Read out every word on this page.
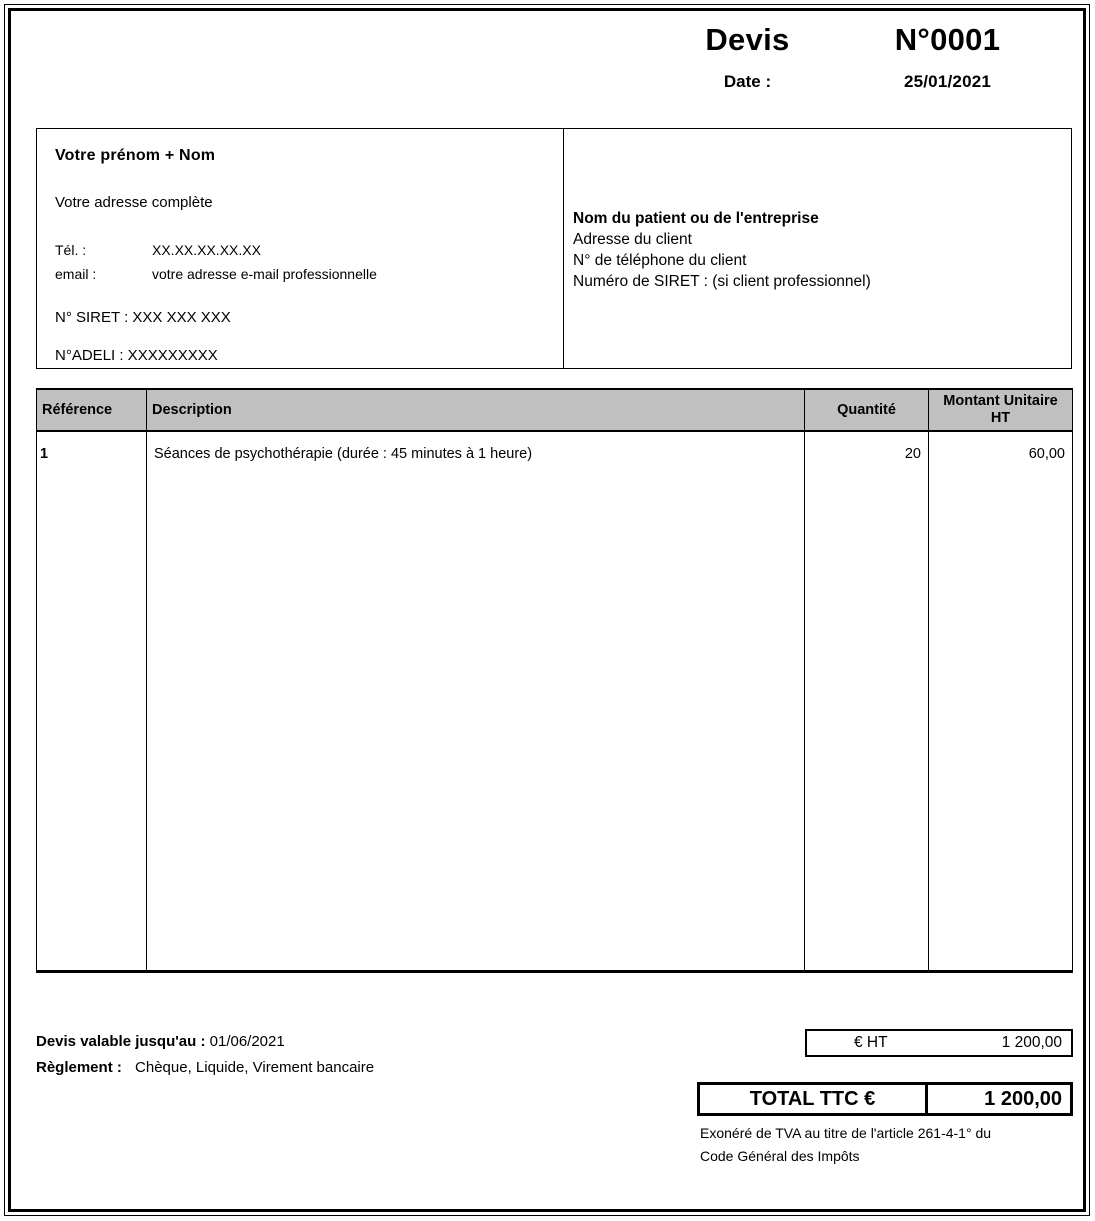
Devis	N°0001
Date :	25/01/2021
Votre prénom + Nom
Votre adresse complète
Tél. :	XX.XX.XX.XX.XX
email :	votre adresse e-mail professionnelle
N° SIRET : XXX XXX XXX
N°ADELI : XXXXXXXXX
Nom du patient ou de l'entreprise
Adresse du client
N° de téléphone du client
Numéro de SIRET : (si client professionnel)
Référence	Description	Quantité	Montant Unitaire
HT
1	Séances de psychothérapie (durée : 45 minutes à 1 heure)	20	60,00
Devis valable jusqu'au : 01/06/2021
Règlement : Chèque, Liquide, Virement bancaire
€ HT	1 200,00
TOTAL TTC €	1 200,00
Exonéré de TVA au titre de l'article 261-4-1° du
Code Général des Impôts
